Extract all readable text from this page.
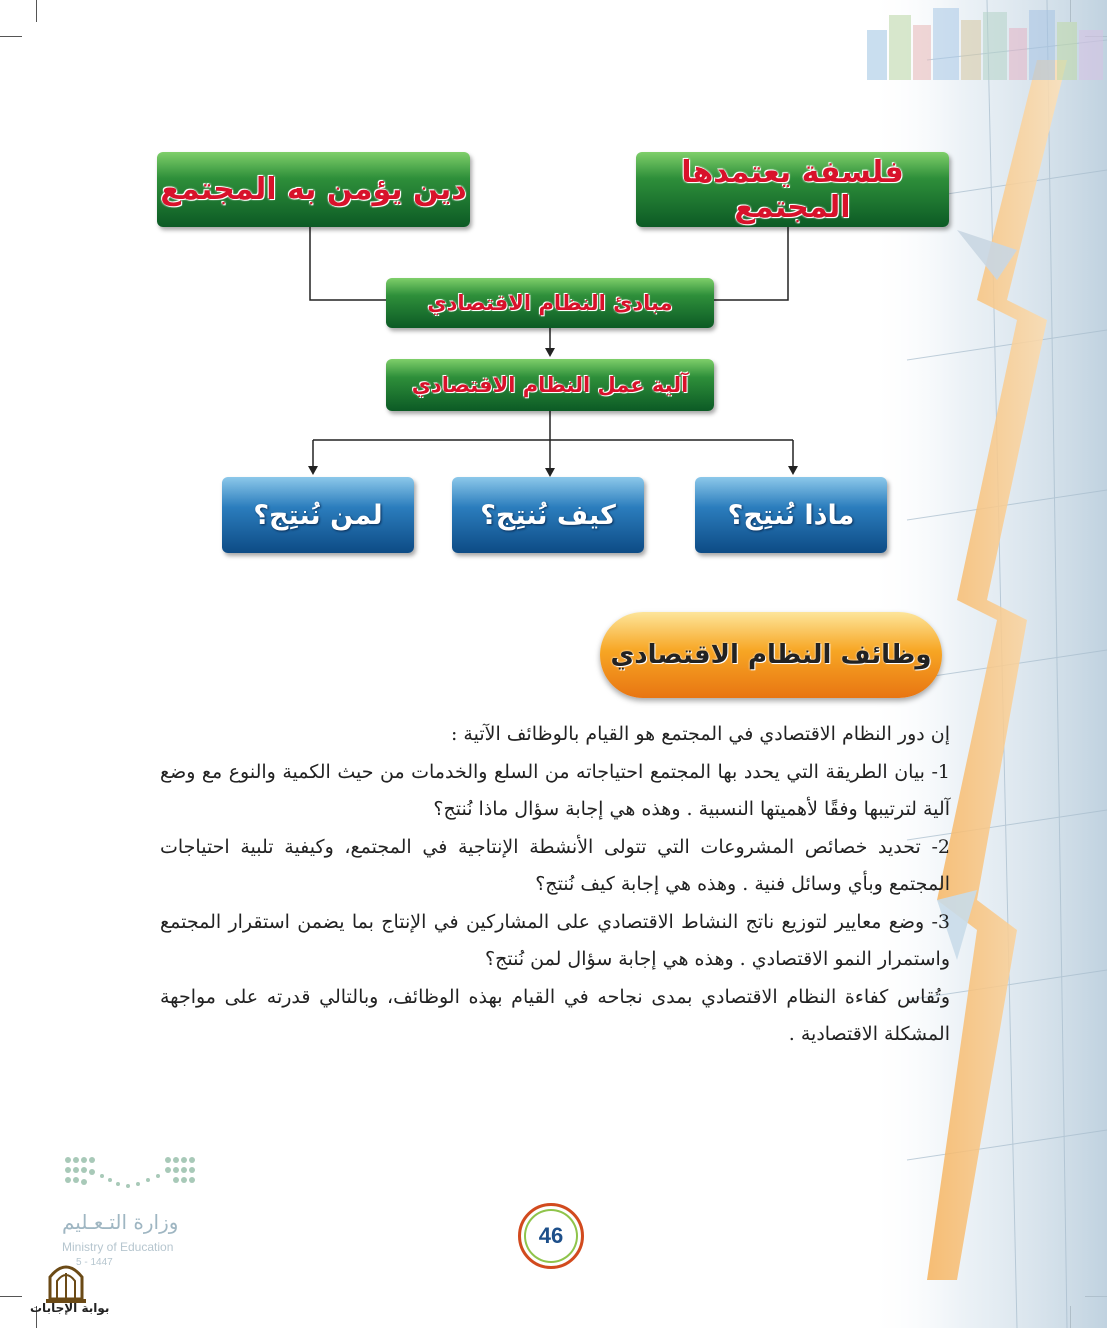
فلسفة يعتمدها المجتمع
دين يؤمن به المجتمع
مبادئ النظام الاقتصادي
آلية عمل النظام الاقتصادي
ماذا نُنتِج؟
كيف نُنتِج؟
لمن نُنتِج؟
وظائف النظام الاقتصادي

إن دور النظام الاقتصادي في المجتمع هو القيام بالوظائف الآتية :

1- بيان الطريقة التي يحدد بها المجتمع احتياجاته من السلع والخدمات من حيث الكمية والنوع مع وضع آلية لترتيبها وفقًا لأهميتها النسبية . وهذه هي إجابة سؤال ماذا نُنتج؟

2- تحديد خصائص المشروعات التي تتولى الأنشطة الإنتاجية في المجتمع، وكيفية تلبية احتياجات المجتمع وبأي وسائل فنية . وهذه هي إجابة كيف نُنتج؟

3- وضع معايير لتوزيع ناتج النشاط الاقتصادي على المشاركين في الإنتاج بما يضمن استقرار المجتمع واستمرار النمو الاقتصادي . وهذه هي إجابة سؤال لمن نُنتج؟

وتُقاس كفاءة النظام الاقتصادي بمدى نجاحه في القيام بهذه الوظائف، وبالتالي قدرته على مواجهة المشكلة الاقتصادية .

46
وزارة التـعـليم
Ministry of Education
5 - 1447
بوابة الإجابات
